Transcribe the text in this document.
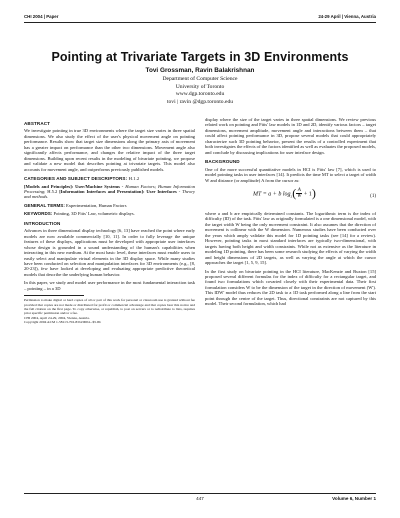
CHI 2004 | Paper	24-29 April | Vienna, Austria
Pointing at Trivariate Targets in 3D Environments
Tovi Grossman, Ravin Balakrishnan
Department of Computer Science
University of Toronto
www.dgp.toronto.edu
tovi | ravin @dgp.toronto.edu
ABSTRACT

We investigate pointing in true 3D environments where the target size varies in three spatial dimensions. We also study the effect of the user's physical movement angle on pointing performance. Results show that target size dimensions along the primary axis of movement has a greater impact on performance than the other two dimensions. Movement angle also significantly affects performance, and changes the relative impact of the three target dimensions. Building upon recent results in the modeling of bivariate pointing, we propose and validate a new model that describes pointing at trivariate targets. This model also accounts for movement angle, and outperforms previously published models.

CATEGORIES AND SUBJECT DESCRIPTORS: H.1.2

[Models and Principles]: User/Machine Systems - Human Factors; Human Information Processing; H.5.2 [Information Interfaces and Presentation]: User Interfaces - Theory and methods.

GENERAL TERMS: Experimentation, Human Factors

KEYWORDS: Pointing, 3D Fitts' Law, volumetric displays.

INTRODUCTION

Advances in three dimensional display technology [6, 13] have reached the point where early models are now available commercially [10, 11]. In order to fully leverage the unique features of these displays, applications must be developed with appropriate user interfaces whose design is grounded in a sound understanding of the human's capabilities when interacting in this new medium. At the most basic level, these interfaces must enable users to easily select and manipulate virtual elements in the 3D display space. While many studies have been conducted on selection and manipulation interfaces for 3D environments (e.g., [8, 20-23]), few have looked at developing and evaluating appropriate predictive theoretical models that describe the underlying human behavior.

In this paper, we study and model user performance in the most fundamental interaction task – pointing – in a 3D

Permission to make digital or hard copies of all or part of this work for personal or classroom use is granted without fee provided that copies are not made or distributed for profit or commercial advantage and that copies bear this notice and the full citation on the first page. To copy otherwise, or republish, to post on servers or to redistribute to lists, requires prior specific permission and/or a fee.

CHI 2004, April 24-29, 2004, Vienna, Austria.

Copyright 2004 ACM 1-58113-702-8/04/0004...$5.00.

display where the size of the target varies in three spatial dimensions. We review previous related work on pointing and Fitts' law models in 1D and 2D, identify various factors – target dimensions, movement amplitude, movement angle and interactions between them – that could affect pointing performance in 3D, propose several models that could appropriately characterize such 3D pointing behavior, present the results of a controlled experiment that both investigates the effects of the factors identified as well as evaluates the proposed models, and conclude by discussing implications for user interface design.

BACKGROUND

One of the more successful quantitative models in HCI is Fitts' law [7], which is used to model pointing tasks in user interfaces [14]. It predicts the time MT to select a target of width W and distance (or amplitude) A from the cursor as:

MT = a + b $\log_2( \frac{A}{W} + 1)$	(1)

where a and b are empirically determined constants. The logarithmic term is the index of difficulty (ID) of the task. Fitts' law as originally formulated is a one dimensional model, with the target width W being the only movement constraint. It also assumes that the direction of movement is collinear with the W dimension. Numerous studies have been conducted over the years which amply validate this model for 1D pointing tasks (see [14] for a review). However, pointing tasks in most standard interfaces are typically two-dimensional, with targets having both height and width constraints. While not as extensive as the literature in modeling 1D pointing, there has been some research studying the effects of varying the width and height dimensions of 2D targets, as well as varying the angle at which the cursor approaches the target [1, 5, 9, 15].

In the first study on bivariate pointing in the HCI literature, MacKenzie and Buxton [15] proposed several different formulas for the index of difficulty for a rectangular target, and found two formulations which covaried closely with their experimental data. Their first formulation considers W to be the dimension of the target in the direction of movement (W'). This IDW' model thus reduces the 2D task to a 1D task performed along a line from the start point through the centre of the target. Thus, directional constraints are not captured by this model. Their second formulation, which had

447	Volume 6, Number 1
